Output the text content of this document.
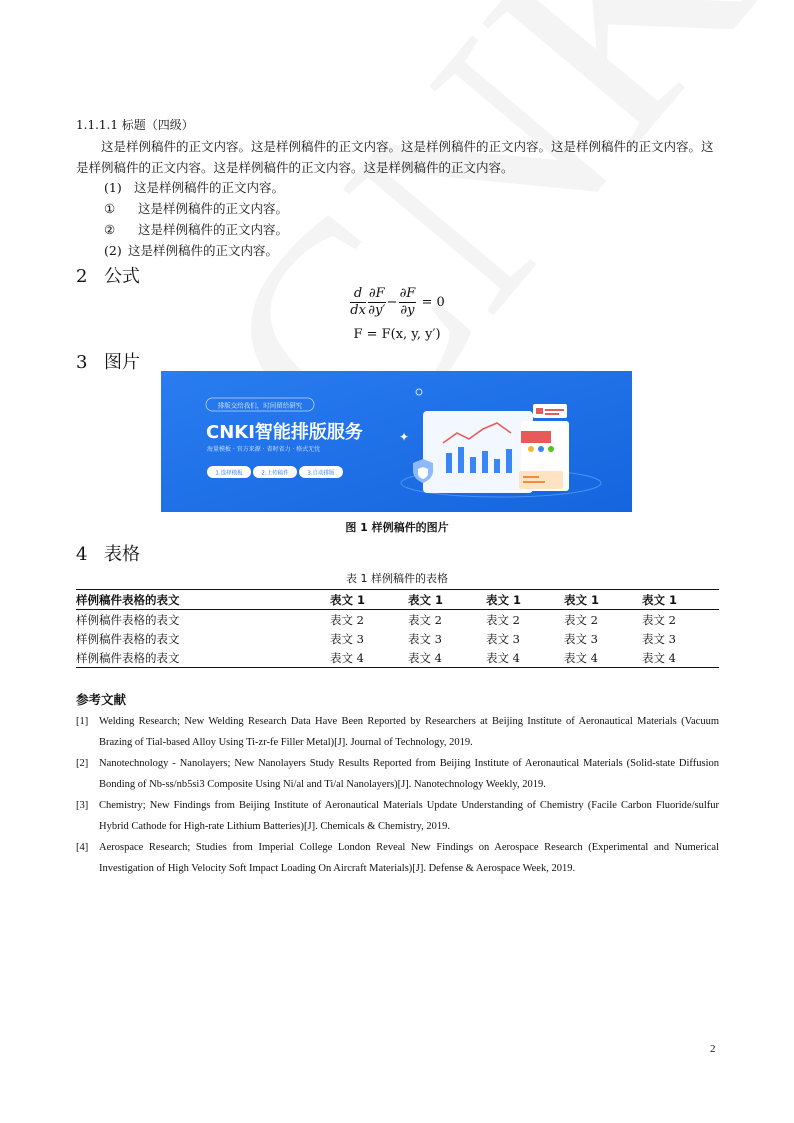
1.1.1.1 标题（四级）
这是样例稿件的正文内容。这是样例稿件的正文内容。这是样例稿件的正文内容。这是样例稿件的正文内容。这是样例稿件的正文内容。这是样例稿件的正文内容。这是样例稿件的正文内容。
(1) 这是样例稿件的正文内容。
① 这是样例稿件的正文内容。
② 这是样例稿件的正文内容。
(2) 这是样例稿件的正文内容。
2 公式
$\frac{d}{dx} \frac{\partial F}{\partial y'} - \frac{\partial F}{\partial y} = 0$
F = F(x, y, y′)
3 图片
排版交给我们，时间留给研究
CNKI智能排版服务
海量模板 · 官方来源 · 省时省力 · 格式无忧
1.选择模板	2.上传稿件	3.自动排版
✦
图 1 样例稿件的图片
4 表格
表 1 样例稿件的表格
样例稿件表格的表文	表文 1	表文 1	表文 1	表文 1	表文 1
样例稿件表格的表文	表文 2	表文 2	表文 2	表文 2	表文 2
样例稿件表格的表文	表文 3	表文 3	表文 3	表文 3	表文 3
样例稿件表格的表文	表文 4	表文 4	表文 4	表文 4	表文 4
参考文献
[1]	Welding Research; New Welding Research Data Have Been Reported by Researchers at Beijing Institute of Aeronautical Materials (Vacuum Brazing of Tial-based Alloy Using Ti-zr-fe Filler Metal)[J]. Journal of Technology, 2019.
[2]	Nanotechnology - Nanolayers; New Nanolayers Study Results Reported from Beijing Institute of Aeronautical Materials (Solid-state Diffusion Bonding of Nb-ss/nb5si3 Composite Using Ni/al and Ti/al Nanolayers)[J]. Nanotechnology Weekly, 2019.
[3]	Chemistry; New Findings from Beijing Institute of Aeronautical Materials Update Understanding of Chemistry (Facile Carbon Fluoride/sulfur Hybrid Cathode for High-rate Lithium Batteries)[J]. Chemicals & Chemistry, 2019.
[4]	Aerospace Research; Studies from Imperial College London Reveal New Findings on Aerospace Research (Experimental and Numerical Investigation of High Velocity Soft Impact Loading On Aircraft Materials)[J]. Defense & Aerospace Week, 2019.
2
